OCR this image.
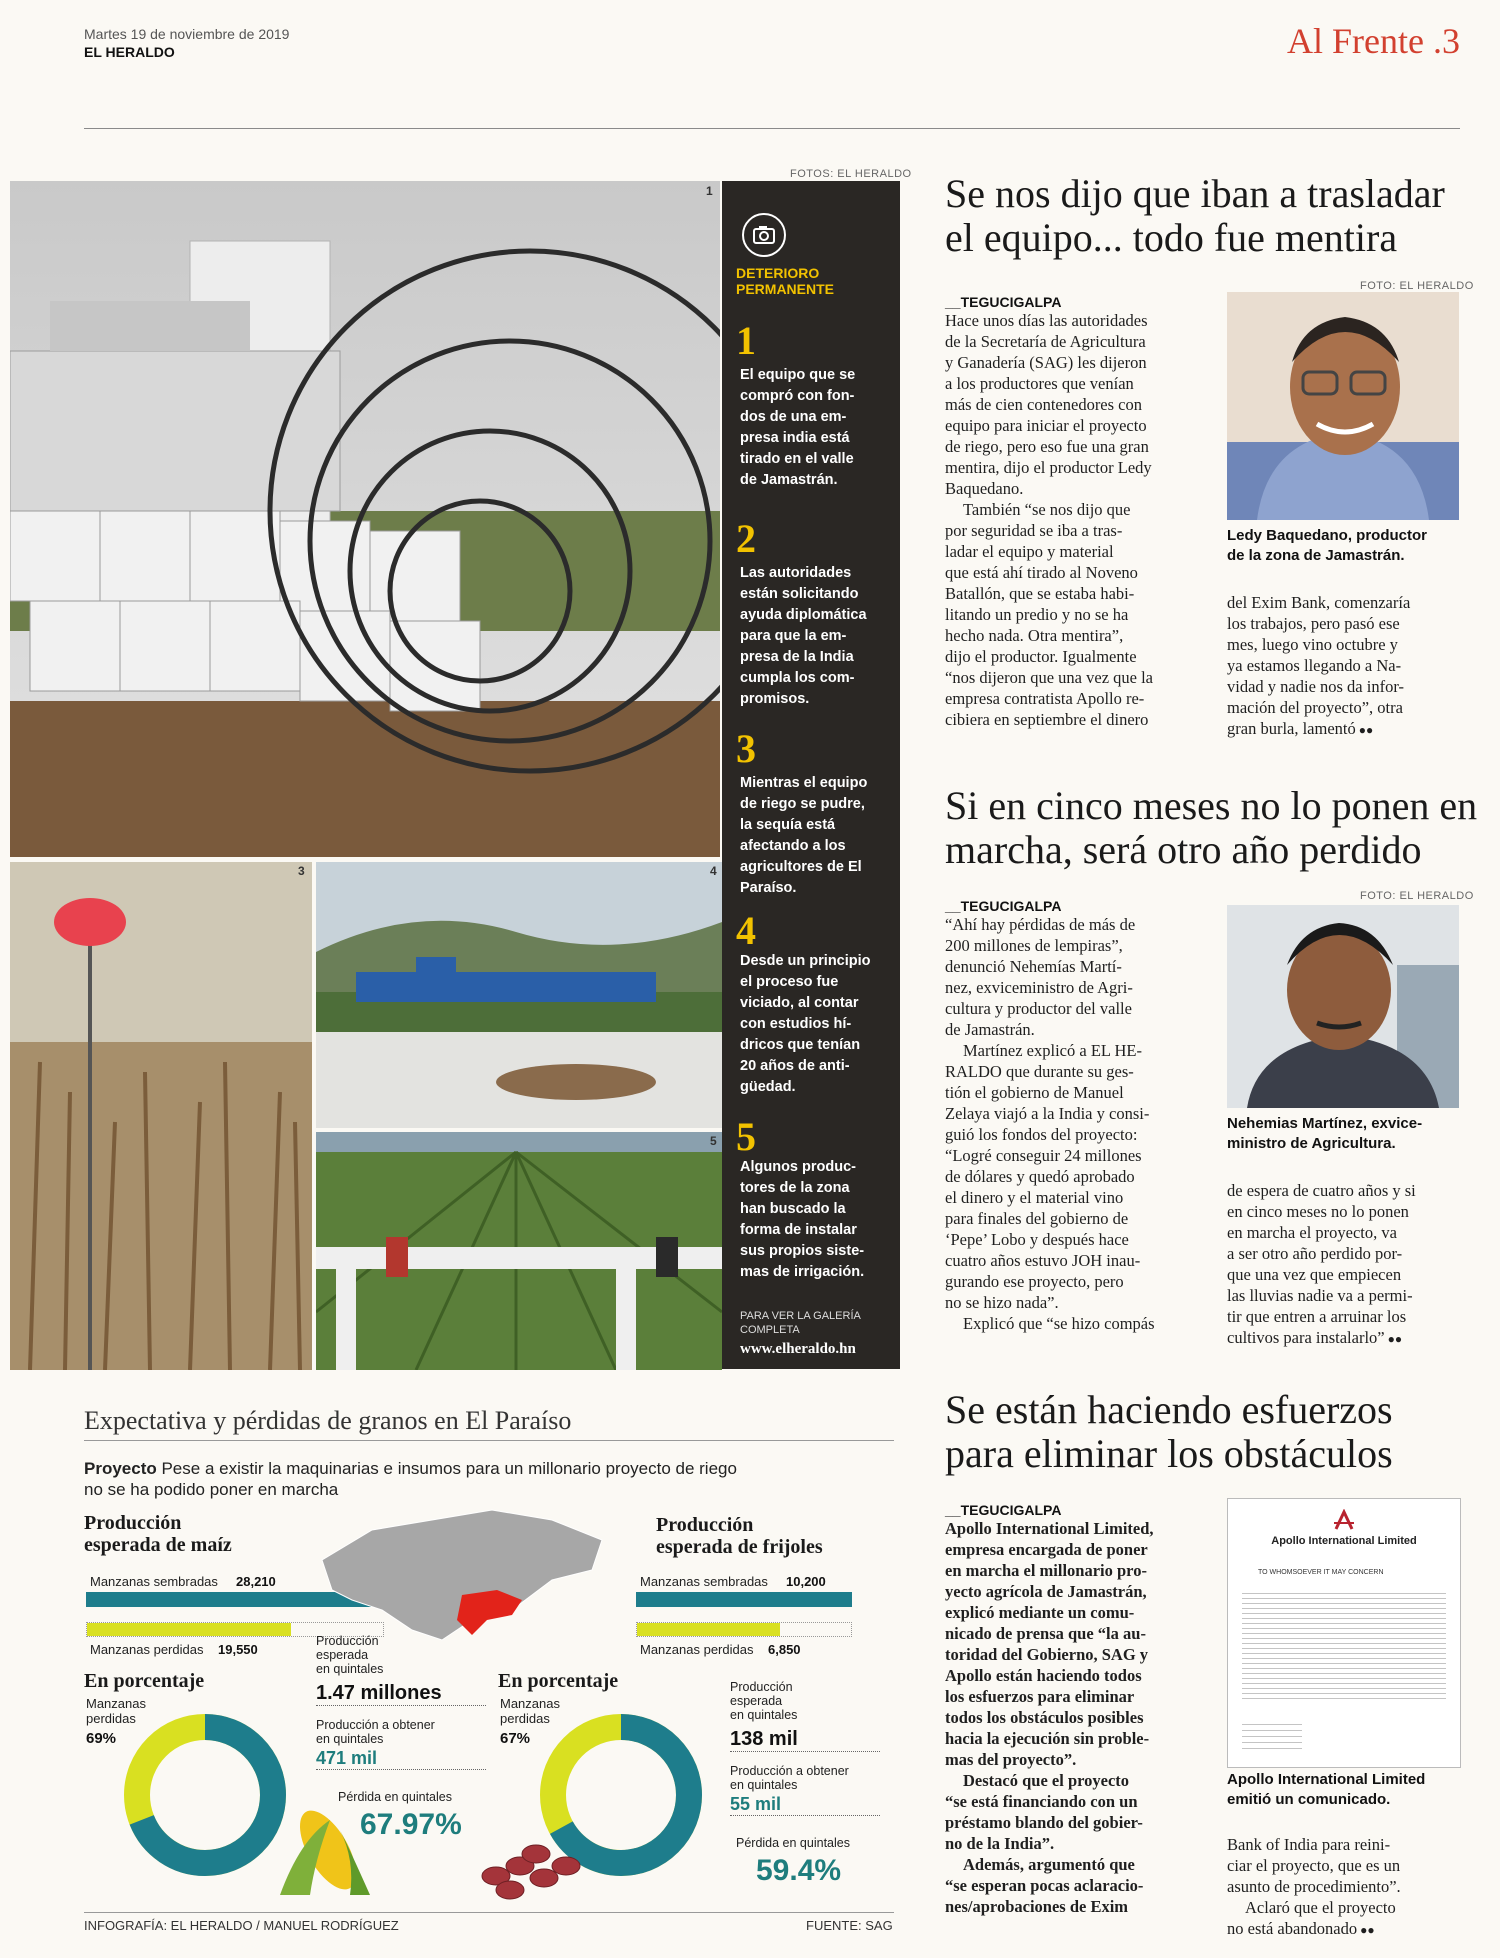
Martes 19 de noviembre de 2019
EL HERALDO	Al Frente .3
FOTOS: EL HERALDO
1
3	4
5
DETERIORO
PERMANENTE
1
El equipo que se
compró con fon-
dos de una em-
presa india está
tirado en el valle
de Jamastrán.
2
Las autoridades
están solicitando
ayuda diplomática
para que la em-
presa de la India
cumpla los com-
promisos.
3
Mientras el equipo
de riego se pudre,
la sequía está
afectando a los
agricultores de El
Paraíso.
4
Desde un principio
el proceso fue
viciado, al contar
con estudios hí-
dricos que tenían
20 años de anti-
güedad.
5
Algunos produc-
tores de la zona
han buscado la
forma de instalar
sus propios siste-
mas de irrigación.
PARA VER LA GALERÍA
COMPLETA
www.elheraldo.hn
Se nos dijo que iban a trasladar
el equipo... todo fue mentira
__TEGUCIGALPA
Hace unos días las autoridades
de la Secretaría de Agricultura
y Ganadería (SAG) les dijeron
a los productores que venían
más de cien contenedores con
equipo para iniciar el proyecto
de riego, pero eso fue una gran
mentira, dijo el productor Ledy
Baquedano.
También “se nos dijo que
por seguridad se iba a tras-
ladar el equipo y material
que está ahí tirado al Noveno
Batallón, que se estaba habi-
litando un predio y no se ha
hecho nada. Otra mentira”,
dijo el productor. Igualmente
“nos dijeron que una vez que la
empresa contratista Apollo re-
cibiera en septiembre el dinero
FOTO: EL HERALDO
Ledy Baquedano, productor
de la zona de Jamastrán.
del Exim Bank, comenzaría
los trabajos, pero pasó ese
mes, luego vino octubre y
ya estamos llegando a Na-
vidad y nadie nos da infor-
mación del proyecto”, otra
gran burla, lamentó ●●
Si en cinco meses no lo ponen en
marcha, será otro año perdido
__TEGUCIGALPA
“Ahí hay pérdidas de más de
200 millones de lempiras”,
denunció Nehemías Martí-
nez, exviceministro de Agri-
cultura y productor del valle
de Jamastrán.
Martínez explicó a EL HE-
RALDO que durante su ges-
tión el gobierno de Manuel
Zelaya viajó a la India y consi-
guió los fondos del proyecto:
“Logré conseguir 24 millones
de dólares y quedó aprobado
el dinero y el material vino
para finales del gobierno de
‘Pepe’ Lobo y después hace
cuatro años estuvo JOH inau-
gurando ese proyecto, pero
no se hizo nada”.
Explicó que “se hizo compás
FOTO: EL HERALDO
Nehemias Martínez, exvice-
ministro de Agricultura.
de espera de cuatro años y si
en cinco meses no lo ponen
en marcha el proyecto, va
a ser otro año perdido por-
que una vez que empiecen
las lluvias nadie va a permi-
tir que entren a arruinar los
cultivos para instalarlo” ●●
Se están haciendo esfuerzos
para eliminar los obstáculos
__TEGUCIGALPA
Apollo International Limited,
empresa encargada de poner
en marcha el millonario pro-
yecto agrícola de Jamastrán,
explicó mediante un comu-
nicado de prensa que “la au-
toridad del Gobierno, SAG y
Apollo están haciendo todos
los esfuerzos para eliminar
todos los obstáculos posibles
hacia la ejecución sin proble-
mas del proyecto”.
Destacó que el proyecto
“se está financiando con un
préstamo blando del gobier-
no de la India”.
Además, argumentó que
“se esperan pocas aclaracio-
nes/aprobaciones de Exim
Apollo International Limited
TO WHOMSOEVER IT MAY CONCERN
Apollo International Limited
emitió un comunicado.
Bank of India para reini-
ciar el proyecto, que es un
asunto de procedimiento”.
Aclaró que el proyecto
no está abandonado ●●
Expectativa y pérdidas de granos en El Paraíso
Proyecto Pese a existir la maquinarias e insumos para un millonario proyecto de riego
no se ha podido poner en marcha
Producción
esperada de maíz
Manzanas sembradas 28,210
Manzanas perdidas 19,550
En porcentaje
Manzanas
perdidas
69%
Producción
esperada
en quintales
1.47 millones
Producción a obtener
en quintales
471 mil
Pérdida en quintales
67.97%
Producción
esperada de frijoles
Manzanas sembradas 10,200
Manzanas perdidas 6,850
En porcentaje
Manzanas
perdidas
67%
Producción
esperada
en quintales
138 mil
Producción a obtener
en quintales
55 mil
Pérdida en quintales
59.4%
INFOGRAFÍA: EL HERALDO / MANUEL RODRÍGUEZ	FUENTE: SAG
